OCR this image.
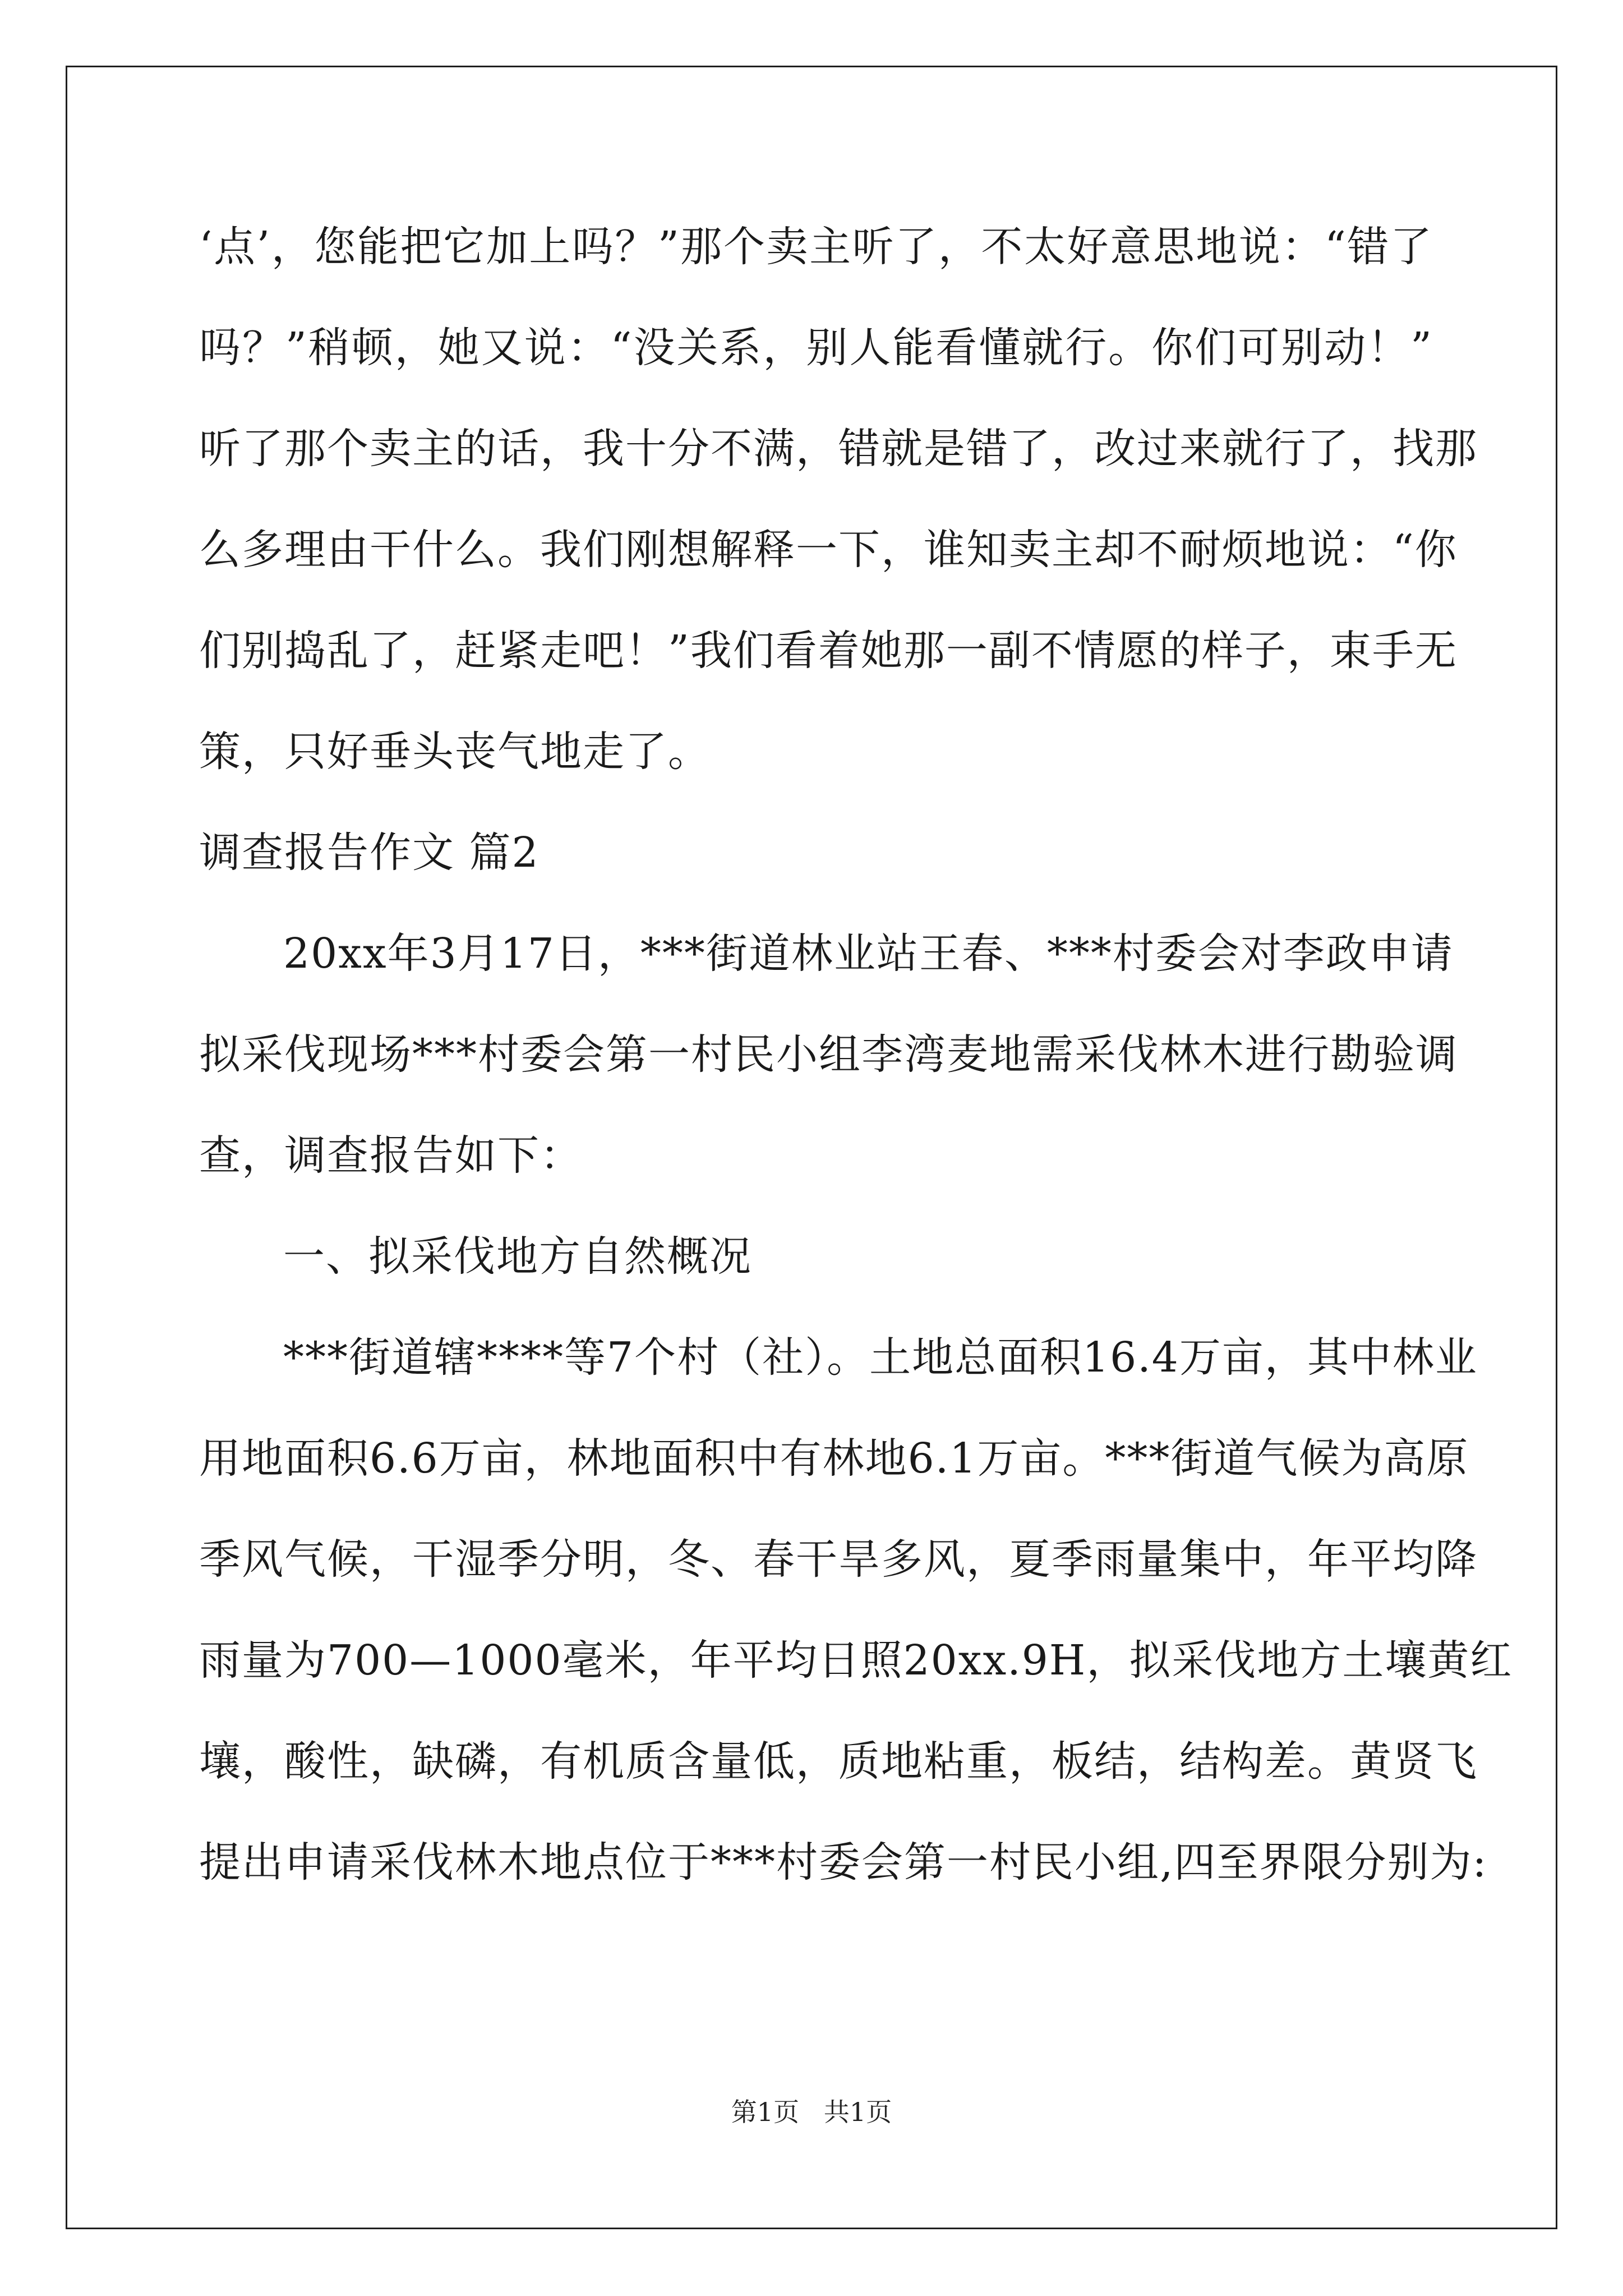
‘点’，您能把它加上吗？”那个卖主听了，不太好意思地说：“错了
吗？”稍顿，她又说：“没关系，别人能看懂就行。你们可别动！”
听了那个卖主的话，我十分不满，错就是错了，改过来就行了，找那
么多理由干什么。我们刚想解释一下，谁知卖主却不耐烦地说：“你
们别捣乱了，赶紧走吧！”我们看着她那一副不情愿的样子，束手无
策，只好垂头丧气地走了。
调查报告作文 篇2
20xx年3月17日，***街道林业站王春、***村委会对李政申请
拟采伐现场***村委会第一村民小组李湾麦地需采伐林木进行勘验调
查，调查报告如下：
一、拟采伐地方自然概况
***街道辖****等7个村（社）。土地总面积16.4万亩，其中林业
用地面积6.6万亩，林地面积中有林地6.1万亩。***街道气候为高原
季风气候，干湿季分明，冬、春干旱多风，夏季雨量集中，年平均降
雨量为700—1000毫米，年平均日照20xx.9H，拟采伐地方土壤黄红
壤，酸性，缺磷，有机质含量低，质地粘重，板结，结构差。黄贤飞
提出申请采伐林木地点位于***村委会第一村民小组,四至界限分别为:
第1页   共1页
